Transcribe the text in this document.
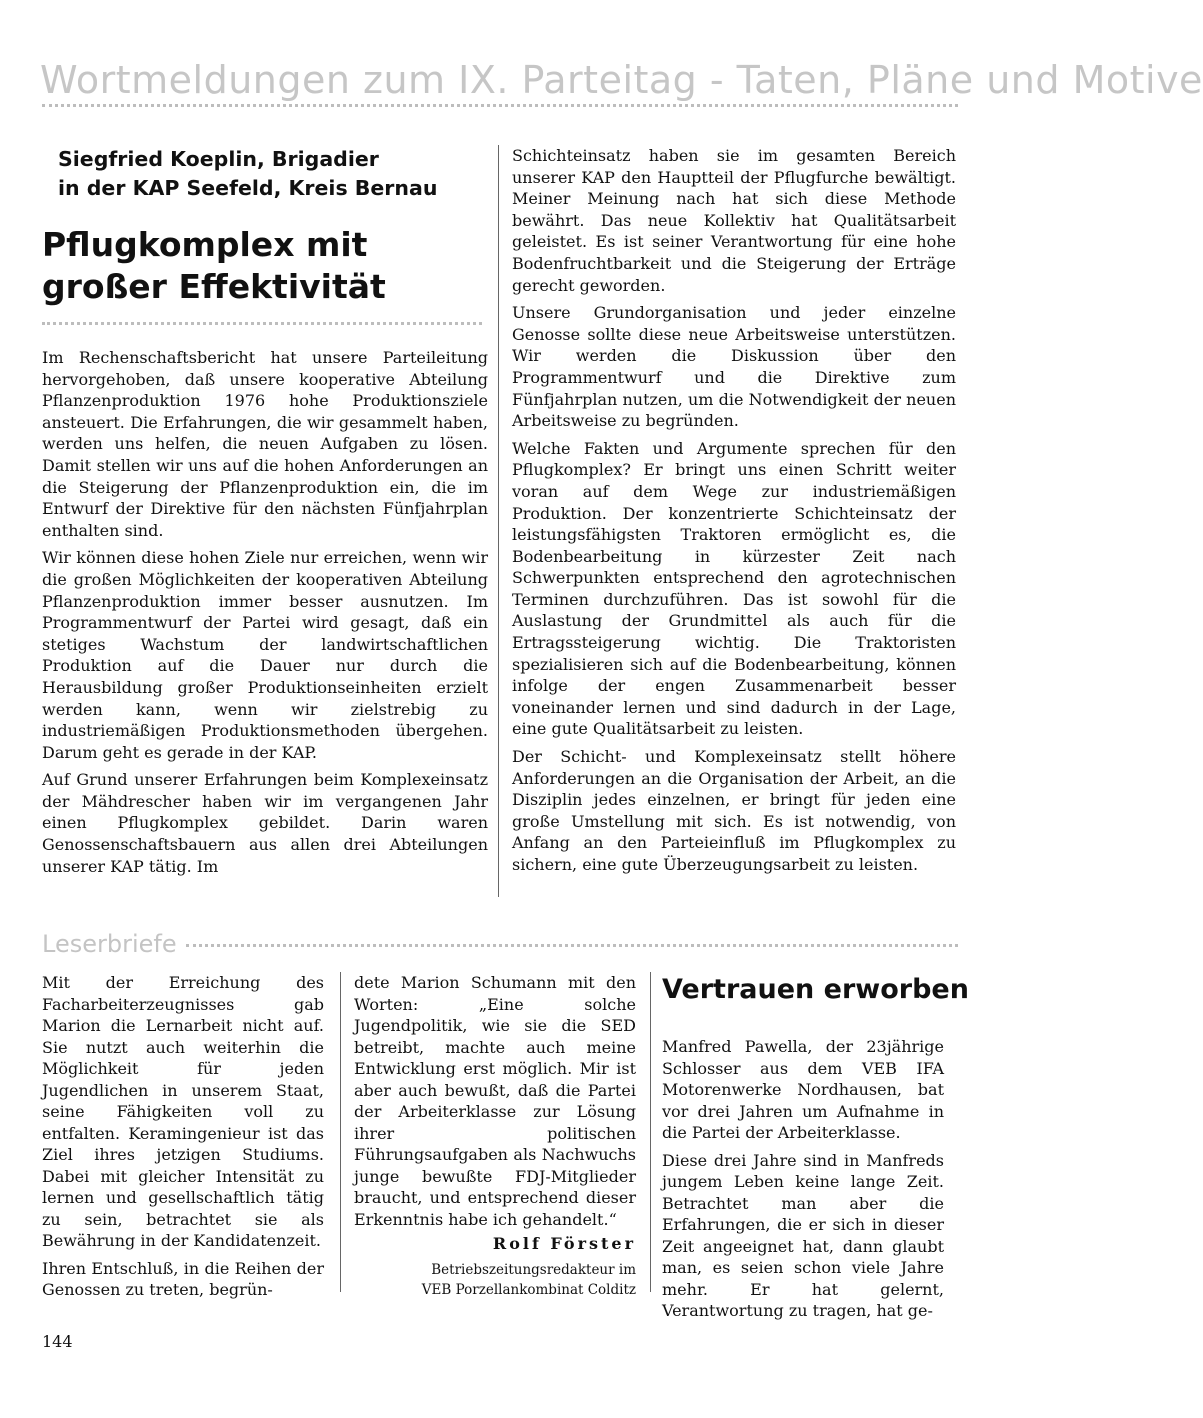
Wortmeldungen zum IX. Parteitag - Taten, Pläne und Motive
Siegfried Koeplin, Brigadier
in der KAP Seefeld, Kreis Bernau
Pflugkomplex mit
großer Effektivität

Im Rechenschaftsbericht hat unsere Parteileitung hervorgehoben, daß unsere kooperative Abteilung Pflanzenproduktion 1976 hohe Produktionsziele ansteuert. Die Erfahrungen, die wir gesammelt haben, werden uns helfen, die neuen Aufgaben zu lösen. Damit stellen wir uns auf die hohen Anforderungen an die Steigerung der Pflanzenproduktion ein, die im Entwurf der Direktive für den nächsten Fünfjahrplan enthalten sind.

Wir können diese hohen Ziele nur erreichen, wenn wir die großen Möglichkeiten der kooperativen Abteilung Pflanzenproduktion immer besser ausnutzen. Im Programmentwurf der Partei wird gesagt, daß ein stetiges Wachstum der landwirtschaftlichen Produktion auf die Dauer nur durch die Herausbildung großer Produktionseinheiten erzielt werden kann, wenn wir zielstrebig zu industriemäßigen Produktionsmethoden übergehen. Darum geht es gerade in der KAP.

Auf Grund unserer Erfahrungen beim Komplexeinsatz der Mähdrescher haben wir im vergangenen Jahr einen Pflugkomplex gebildet. Darin waren Genossenschaftsbauern aus allen drei Abteilungen unserer KAP tätig. Im

Schichteinsatz haben sie im gesamten Bereich unserer KAP den Hauptteil der Pflugfurche bewältigt. Meiner Meinung nach hat sich diese Methode bewährt. Das neue Kollektiv hat Qualitätsarbeit geleistet. Es ist seiner Verantwortung für eine hohe Bodenfruchtbarkeit und die Steigerung der Erträge gerecht geworden.

Unsere Grundorganisation und jeder einzelne Genosse sollte diese neue Arbeitsweise unterstützen. Wir werden die Diskussion über den Programmentwurf und die Direktive zum Fünfjahrplan nutzen, um die Notwendigkeit der neuen Arbeitsweise zu begründen.

Welche Fakten und Argumente sprechen für den Pflugkomplex? Er bringt uns einen Schritt weiter voran auf dem Wege zur industriemäßigen Produktion. Der konzentrierte Schichteinsatz der leistungsfähigsten Traktoren ermöglicht es, die Bodenbearbeitung in kürzester Zeit nach Schwerpunkten entsprechend den agrotechnischen Terminen durchzuführen. Das ist sowohl für die Auslastung der Grundmittel als auch für die Ertragssteigerung wichtig. Die Traktoristen spezialisieren sich auf die Bodenbearbeitung, können infolge der engen Zusammenarbeit besser voneinander lernen und sind dadurch in der Lage, eine gute Qualitätsarbeit zu leisten.

Der Schicht- und Komplexeinsatz stellt höhere Anforderungen an die Organisation der Arbeit, an die Disziplin jedes einzelnen, er bringt für jeden eine große Umstellung mit sich. Es ist notwendig, von Anfang an den Parteieinfluß im Pflugkomplex zu sichern, eine gute Überzeugungsarbeit zu leisten.

Leserbriefe

Mit der Erreichung des Facharbeiterzeugnisses gab Marion die Lernarbeit nicht auf. Sie nutzt auch weiterhin die Möglichkeit für jeden Jugendlichen in unserem Staat, seine Fähigkeiten voll zu entfalten. Keramingenieur ist das Ziel ihres jetzigen Studiums. Dabei mit gleicher Intensität zu lernen und gesellschaftlich tätig zu sein, betrachtet sie als Bewährung in der Kandidatenzeit.

Ihren Entschluß, in die Reihen der Genossen zu treten, begrün-

dete Marion Schumann mit den Worten: „Eine solche Jugendpolitik, wie sie die SED betreibt, machte auch meine Entwicklung erst möglich. Mir ist aber auch bewußt, daß die Partei der Arbeiterklasse zur Lösung ihrer politischen Führungsaufgaben als Nachwuchs junge bewußte FDJ-Mitglieder braucht, und entsprechend dieser Erkenntnis habe ich gehandelt.“

Rolf Förster
Betriebszeitungsredakteur im
VEB Porzellankombinat Colditz
Vertrauen erworben

Manfred Pawella, der 23jährige Schlosser aus dem VEB IFA Motorenwerke Nordhausen, bat vor drei Jahren um Aufnahme in die Partei der Arbeiterklasse.

Diese drei Jahre sind in Manfreds jungem Leben keine lange Zeit. Betrachtet man aber die Erfahrungen, die er sich in dieser Zeit angeeignet hat, dann glaubt man, es seien schon viele Jahre mehr. Er hat gelernt, Verantwortung zu tragen, hat ge-

144
